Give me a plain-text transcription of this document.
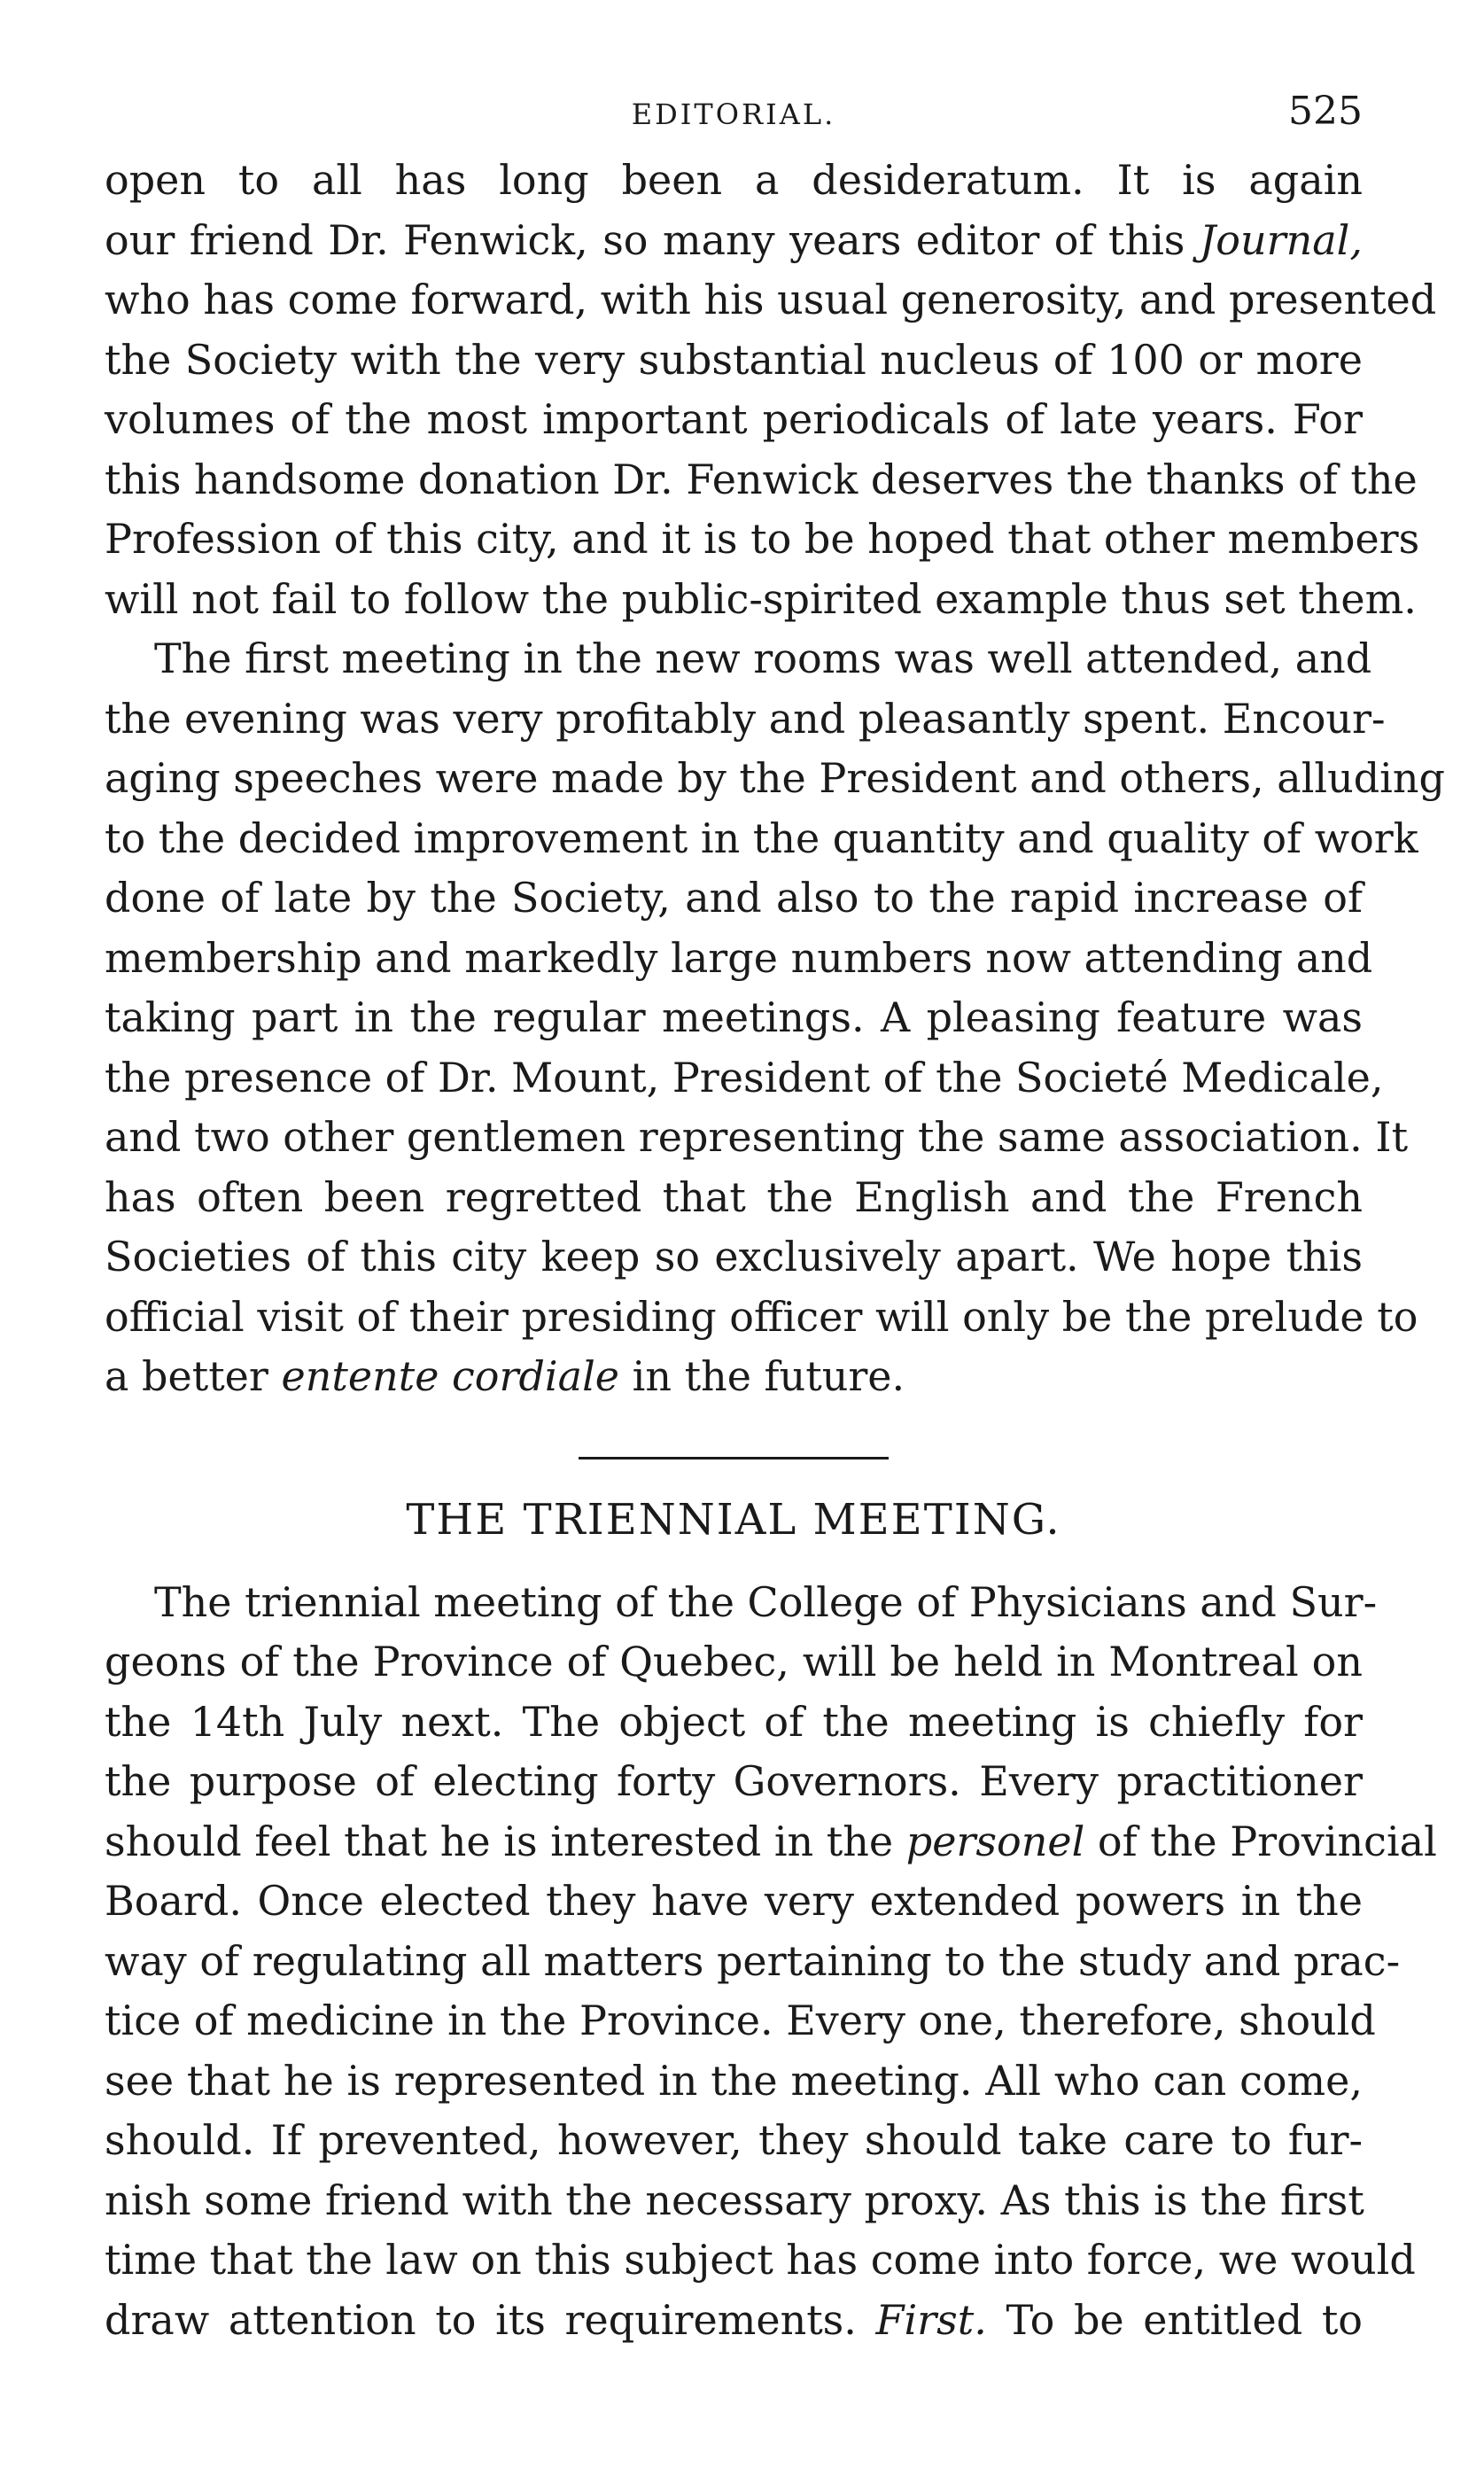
EDITORIAL.	525
open to all has long been a desideratum. It is again
our friend Dr. Fenwick, so many years editor of this Journal,
who has come forward, with his usual generosity, and presented
the Society with the very substantial nucleus of 100 or more
volumes of the most important periodicals of late years. For
this handsome donation Dr. Fenwick deserves the thanks of the
Profession of this city, and it is to be hoped that other members
will not fail to follow the public-spirited example thus set them.
The first meeting in the new rooms was well attended, and
the evening was very profitably and pleasantly spent. Encour-
aging speeches were made by the President and others, alluding
to the decided improvement in the quantity and quality of work
done of late by the Society, and also to the rapid increase of
membership and markedly large numbers now attending and
taking part in the regular meetings. A pleasing feature was
the presence of Dr. Mount, President of the Societé Medicale,
and two other gentlemen representing the same association. It
has often been regretted that the English and the French
Societies of this city keep so exclusively apart. We hope this
official visit of their presiding officer will only be the prelude to
a better entente cordiale in the future.
THE TRIENNIAL MEETING.
The triennial meeting of the College of Physicians and Sur-
geons of the Province of Quebec, will be held in Montreal on
the 14th July next. The object of the meeting is chiefly for
the purpose of electing forty Governors. Every practitioner
should feel that he is interested in the personel of the Provincial
Board. Once elected they have very extended powers in the
way of regulating all matters pertaining to the study and prac-
tice of medicine in the Province. Every one, therefore, should
see that he is represented in the meeting. All who can come,
should. If prevented, however, they should take care to fur-
nish some friend with the necessary proxy. As this is the first
time that the law on this subject has come into force, we would
draw attention to its requirements. First. To be entitled to
